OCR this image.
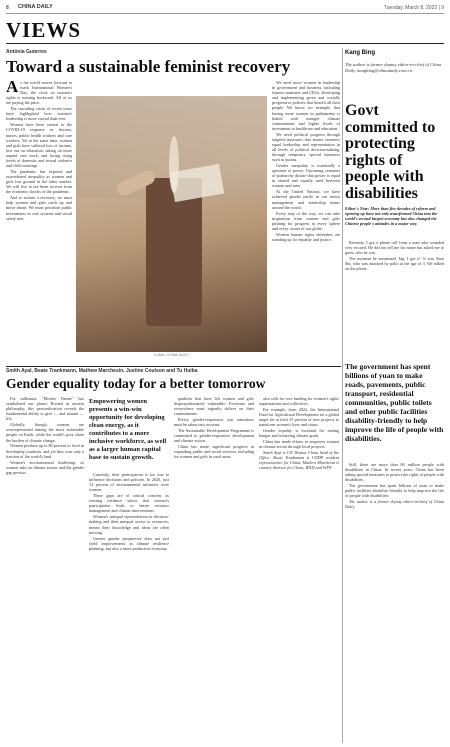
8 CHINA DAILY	Tuesday, March 8, 2022 | 9
VIEWS
Antónia Guterres
Toward a sustainable feminist recovery
A s the world moves forward to mark International Women's Day, the clock on women's rights is running backward. All of us are paying the price.

The cascading crises of recent years have highlighted how women's leadership is more crucial than ever.

Women have been central to the COVID-19 response as doctors, nurses, public health workers and care workers. Yet at the same time, women and girls have suffered loss of income, lost out on education, taking on more unpaid care work, and facing rising levels of domestic and sexual violence and child marriage.

The pandemic has exposed and exacerbated inequality as women and girls lost ground in the labor market. We will live to see them recover from the economic shocks of the pandemic.

And to sustain a recovery, we must help women and girls catch up and move ahead. We must prioritize public investments in care systems and social safety nets.

LUNA / CHINA DAILY

We need more women in leadership in government and business, including finance ministers and CEOs, developing and implementing green and socially progressive policies that benefit all their people. We know, for example, that having more women in parliaments is linked with stronger climate commitments and higher levels of investment in healthcare and education.

We need political progress through targeted measures that ensure women's equal leadership and representation in all levels of political decision-making, through temporary special measures such as quotas.

Gender inequality is essentially a question of power. Upcoming centuries of patriarchy dictate that power is equal in shared and equally used between women and men.

At the United Nations, we have achieved gender parity in our senior management and leadership teams around the world.

Every step of the way, we can take inspiration from women and girls pushing for progress in every sphere and every corner of our globe.

Women human rights defenders are standing up for equality and justice.

Kang Bing
The author is former deputy editor-in-chief of China Daily. kangbing@chinadaily.com.cn
Govt committed to protecting rights of people with disabilities
Editor's Note: More than five decades of reform and opening-up have not only transformed China into the world's second-largest economy but also changed the Chinese people's attitudes in a major way.

Recently, I got a phone call from a man who sounded very excited. He did not tell me his name but asked me to guess who he was.

The moment he mentioned 'big, I got it.' It was Xiao Shi, who was attacked by polio at the age of 3. We talked on the phone.

The government has spent billions of yuan to make roads, pavements, public transport, residential communities, public toilets and other public facilities disability-friendly to help improve the life of people with disabilities.

Still, there are more than 80 million people with disabilities in China. In recent years, China has been taking special measures to protect the rights of people with disabilities.

The government has spent billions of yuan to make public facilities disability-friendly to help improve the life of people with disabilities.

The author is a former deputy editor-in-chief of China Daily.

Smith Ayal, Beate Trankmann, Mathew Marchesin, Justine Coulson and Tu Huiba
Gender equality today for a better tomorrow

For millennia, "Mother Nature" has symbolized our planet. Rooted in ancient philosophy, this personification reveals the fundamental ability to give — and sustain — life.

Globally, though, women are overrepresented among the most vulnerable people on Earth, while the world's poor share the burden of climate change.

Women produce up to 80 percent of food in developing countries, and yet they own only a fraction of the world's land.

Women's environmental leadership, as women take on climate action, and the gender gap persists.

Empowering women presents a win-win opportunity for developing clean energy, as it contributes to a more inclusive workforce, as well as a larger human capital base to sustain growth.

Currently, their participation is too low to influence decisions and policies. In 2020, just 12 percent of environmental ministers were women.

These gaps are of critical concern, as existing evidence shows that women's participation leads to better resource management and climate interventions.

Women's unequal representation in decision-making and their unequal access to resources, means their knowledge and ideas are often missing.

Greater gender perspective does not just yield improvements in climate resilience planning, but also a more productive economy.

qualities that have left women and girls disproportionately vulnerable. Everyone and everywhere must urgently deliver on their commitments.

Policy, gender-responsive, just transitions must be taken into account.

The Sustainable Development Programme is committed to gender-responsive development and climate action.

China has made significant progress in expanding public and social services, including for women and girls in rural areas.

also calls for core funding for women's rights organizations and collectives.

For example, from 2022, the International Fund for Agricultural Development set a global target for at least 35 percent of new projects to transform women's lives and status.

Gender equality is essential for ending hunger and achieving climate goals.

China has made efforts to empower women in climate action through local projects.

Smith Ayal is UN Women China head of the Office; Beate Trankmann is UNDP resident representative for China; Mathew Marchesin is country director for China, IFAD and WFP.
